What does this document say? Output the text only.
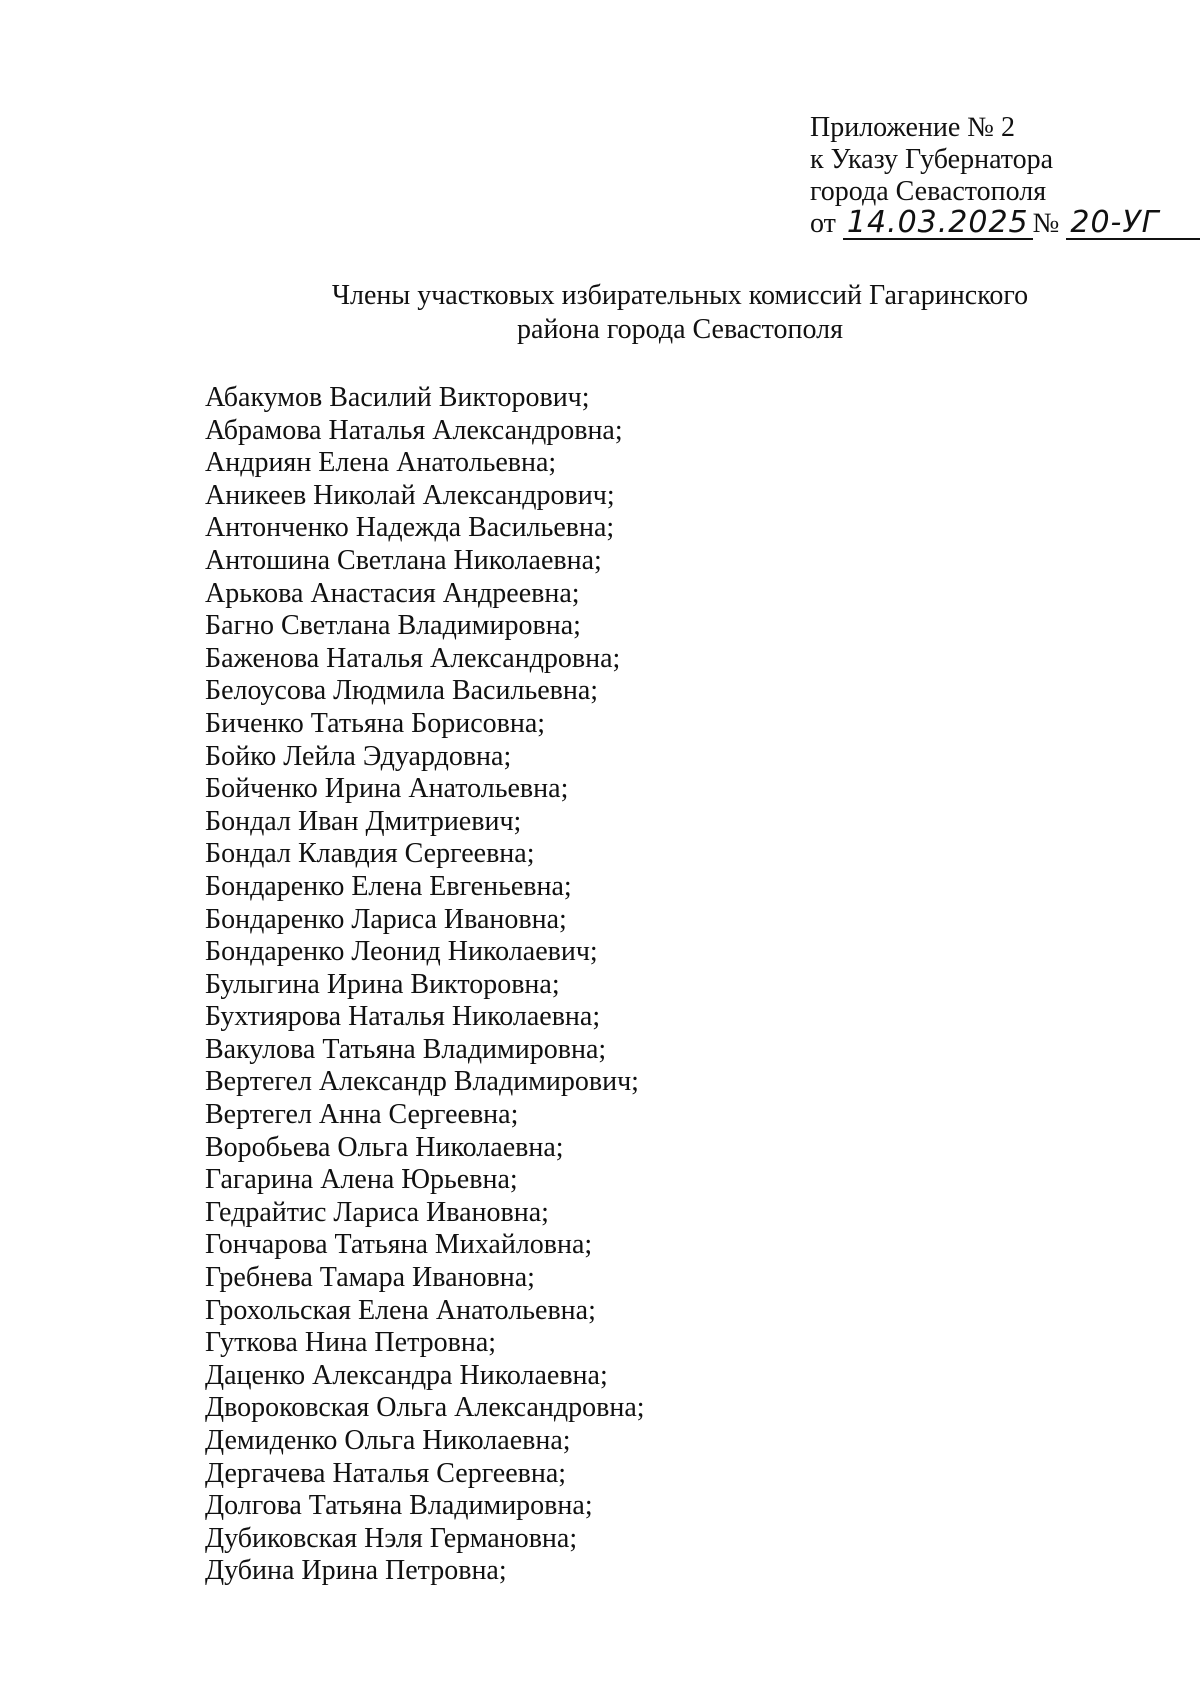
Приложение № 2
к Указу Губернатора
города Севастополя
от 14.03.2025 № 20-УГ
Члены участковых избирательных комиссий Гагаринского
района города Севастополя
Абакумов Василий Викторович;
Абрамова Наталья Александровна;
Андриян Елена Анатольевна;
Аникеев Николай Александрович;
Антонченко Надежда Васильевна;
Антошина Светлана Николаевна;
Арькова Анастасия Андреевна;
Багно Светлана Владимировна;
Баженова Наталья Александровна;
Белоусова Людмила Васильевна;
Биченко Татьяна Борисовна;
Бойко Лейла Эдуардовна;
Бойченко Ирина Анатольевна;
Бондал Иван Дмитриевич;
Бондал Клавдия Сергеевна;
Бондаренко Елена Евгеньевна;
Бондаренко Лариса Ивановна;
Бондаренко Леонид Николаевич;
Булыгина Ирина Викторовна;
Бухтиярова Наталья Николаевна;
Вакулова Татьяна Владимировна;
Вертегел Александр Владимирович;
Вертегел Анна Сергеевна;
Воробьева Ольга Николаевна;
Гагарина Алена Юрьевна;
Гедрайтис Лариса Ивановна;
Гончарова Татьяна Михайловна;
Гребнева Тамара Ивановна;
Грохольская Елена Анатольевна;
Гуткова Нина Петровна;
Даценко Александра Николаевна;
Двороковская Ольга Александровна;
Демиденко Ольга Николаевна;
Дергачева Наталья Сергеевна;
Долгова Татьяна Владимировна;
Дубиковская Нэля Германовна;
Дубина Ирина Петровна;
